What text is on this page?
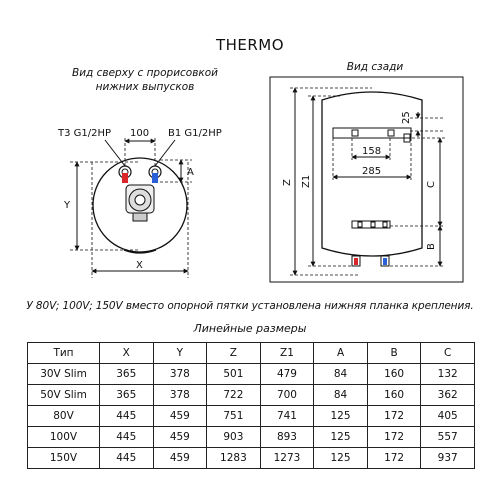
THERMO
Вид сверху с прорисовкой нижних выпусков
Вид сзади
T3 G1/2HP	B1 G1/2HP
100
A
Y
X
25
158
285
Z Z1	C
B
У 80V; 100V; 150V вместо опорной пятки установлена нижняя планка крепления.
Линейные размеры
Тип	X	Y	Z	Z1	A	B	C
30V Slim	365	378	501	479	84	160	132
50V Slim	365	378	722	700	84	160	362
80V	445	459	751	741	125	172	405
100V	445	459	903	893	125	172	557
150V	445	459	1283	1273	125	172	937
